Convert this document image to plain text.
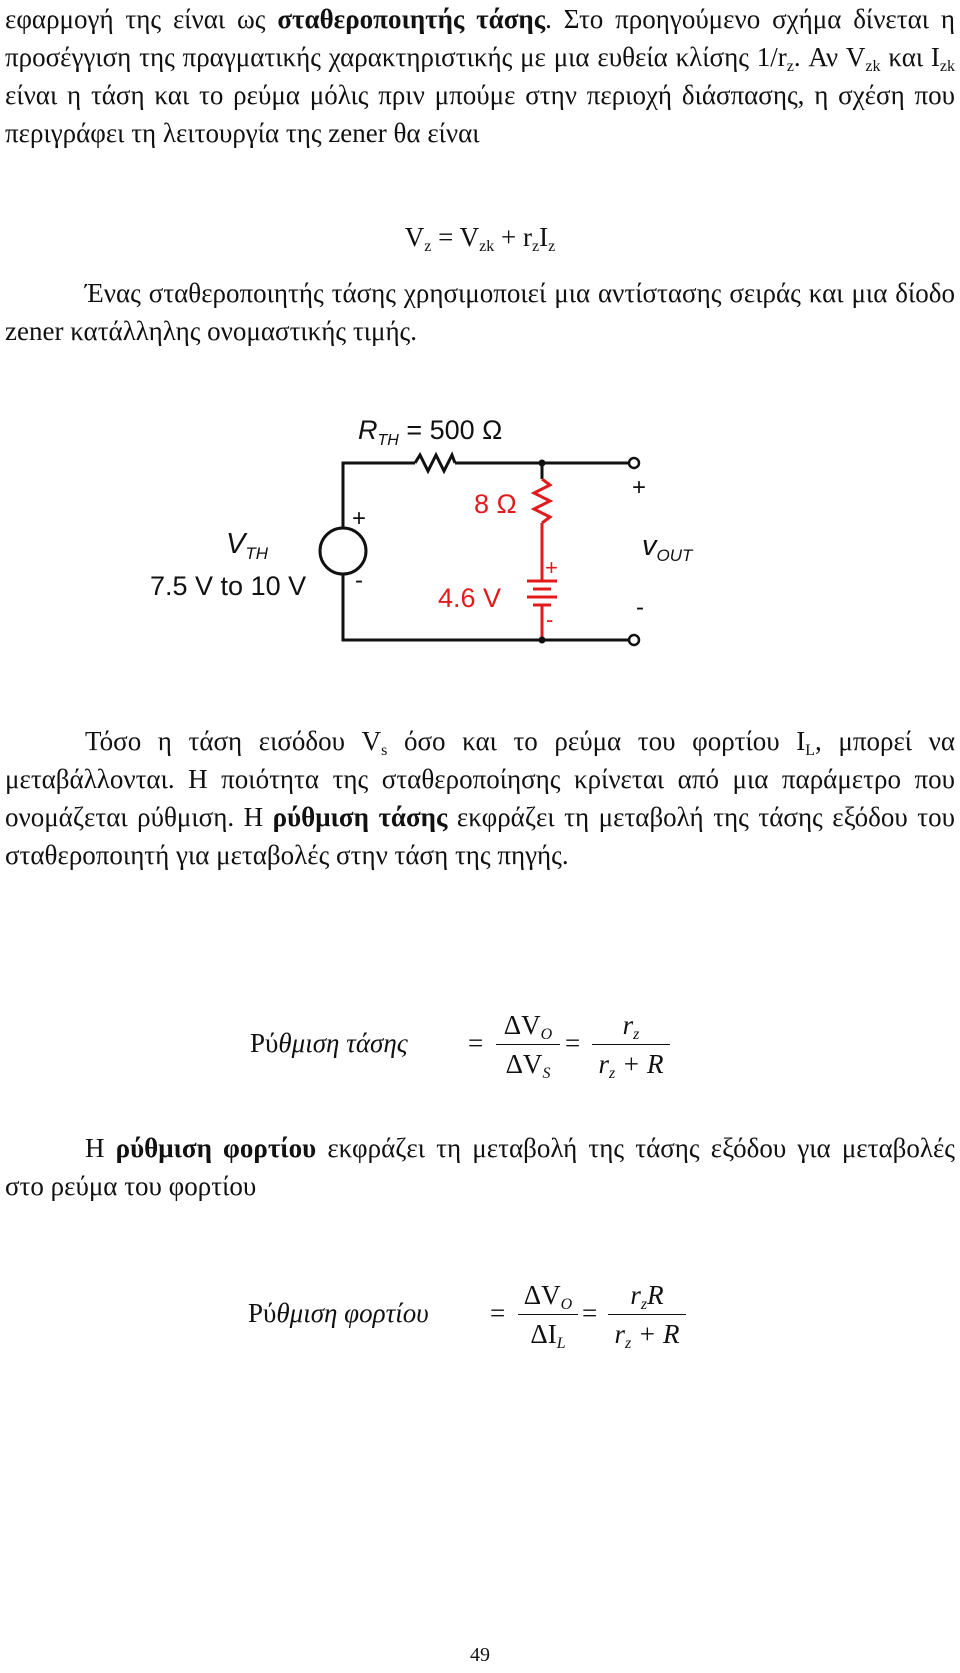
εφαρμογή της είναι ως σταθεροποιητής τάσης. Στο προηγούμενο σχήμα δίνεται η προσέγγιση της πραγματικής χαρακτηριστικής με μια ευθεία κλίσης $1/r_z$. Αν $V_{zk}$ και $I_{zk}$ είναι η τάση και το ρεύμα μόλις πριν μπούμε στην περιοχή διάσπασης, η σχέση που περιγράφει τη λειτουργία της zener θα είναι

$V_z = V_{zk} + r_zI_z$

Ένας σταθεροποιητής τάσης χρησιμοποιεί μια αντίστασης σειράς και μια δίοδο zener κατάλληλης ονομαστικής τιμής.

$R_{TH} = 500$ Ω
8 Ω
4.6 V
+
-
+
-
$V_{TH}$
7.5 V to 10 V
+
-
$v_{OUT}$

Τόσο η τάση εισόδου $V_s$ όσο και το ρεύμα του φορτίου $I_L$, μπορεί να μεταβάλλονται. Η ποιότητα της σταθεροποίησης κρίνεται από μια παράμετρο που ονομάζεται ρύθμιση. Η ρύθμιση τάσης εκφράζει τη μεταβολή της τάσης εξόδου του σταθεροποιητή για μεταβολές στην τάση της πηγής.

Ρύθμιση τάσης =
$\Delta V_O$
$\Delta V_S$
=
$r_z$
$r_z + R$

Η ρύθμιση φορτίου εκφράζει τη μεταβολή της τάσης εξόδου για μεταβολές στο ρεύμα του φορτίου

Ρύθμιση φορτίου =
$\Delta V_O$
$\Delta I_L$
=
$r_zR$
$r_z + R$
49
